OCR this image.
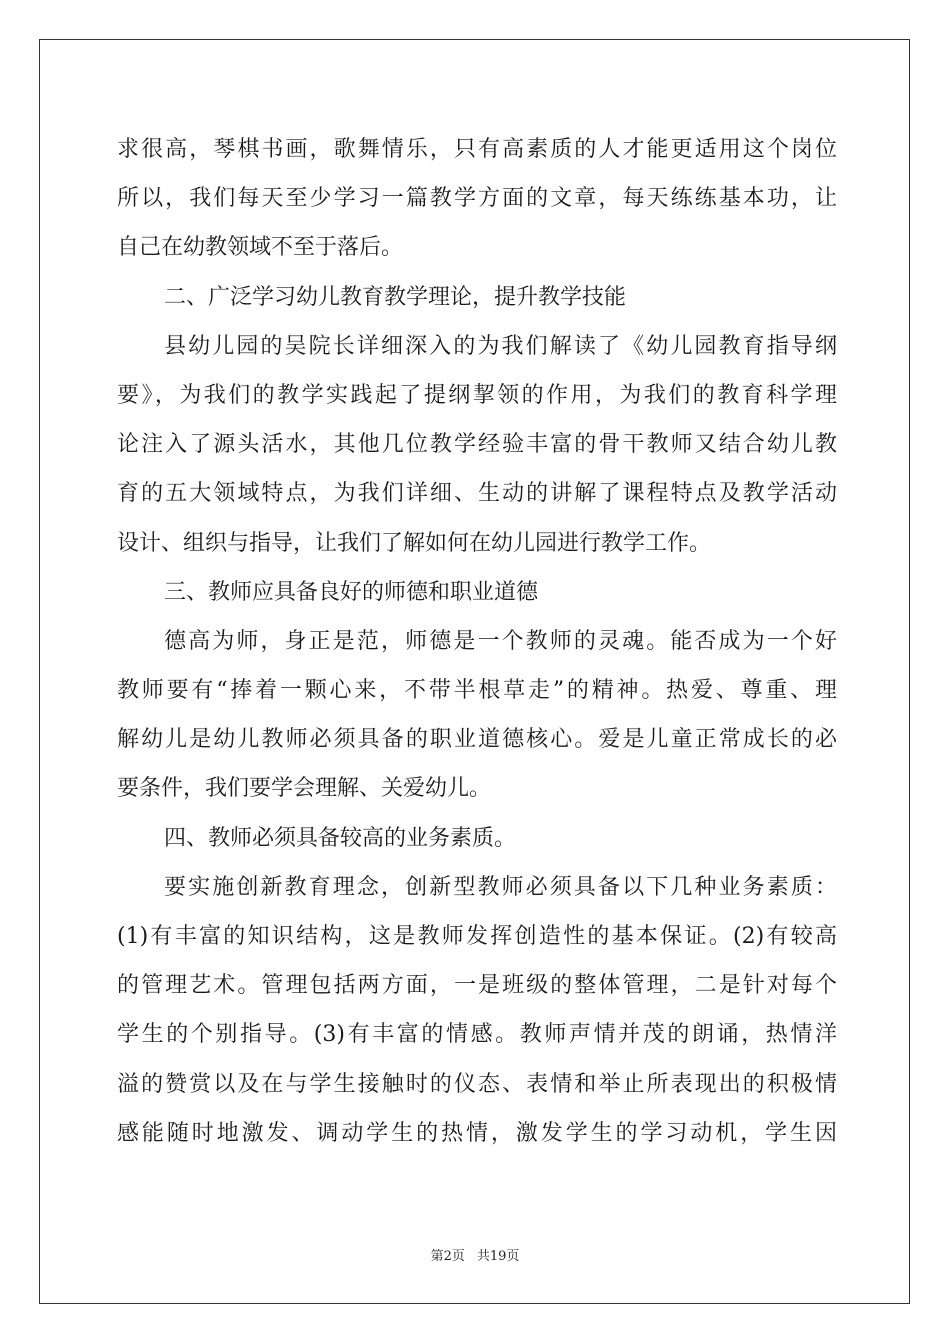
求很高，琴棋书画，歌舞情乐，只有高素质的人才能更适用这个岗位
所以，我们每天至少学习一篇教学方面的文章，每天练练基本功，让
自己在幼教领域不至于落后。
二、广泛学习幼儿教育教学理论，提升教学技能
县幼儿园的吴院长详细深入的为我们解读了《幼儿园教育指导纲
要》，为我们的教学实践起了提纲挈领的作用，为我们的教育科学理
论注入了源头活水，其他几位教学经验丰富的骨干教师又结合幼儿教
育的五大领域特点，为我们详细、生动的讲解了课程特点及教学活动
设计、组织与指导，让我们了解如何在幼儿园进行教学工作。
三、教师应具备良好的师德和职业道德
德高为师，身正是范，师德是一个教师的灵魂。能否成为一个好
教师要有“捧着一颗心来，不带半根草走”的精神。热爱、尊重、理
解幼儿是幼儿教师必须具备的职业道德核心。爱是儿童正常成长的必
要条件，我们要学会理解、关爱幼儿。
四、教师必须具备较高的业务素质。
要实施创新教育理念，创新型教师必须具备以下几种业务素质：
(1)有丰富的知识结构，这是教师发挥创造性的基本保证。(2)有较高
的管理艺术。管理包括两方面，一是班级的整体管理，二是针对每个
学生的个别指导。(3)有丰富的情感。教师声情并茂的朗诵，热情洋
溢的赞赏以及在与学生接触时的仪态、表情和举止所表现出的积极情
感能随时地激发、调动学生的热情，激发学生的学习动机，学生因
第2页 共19页
